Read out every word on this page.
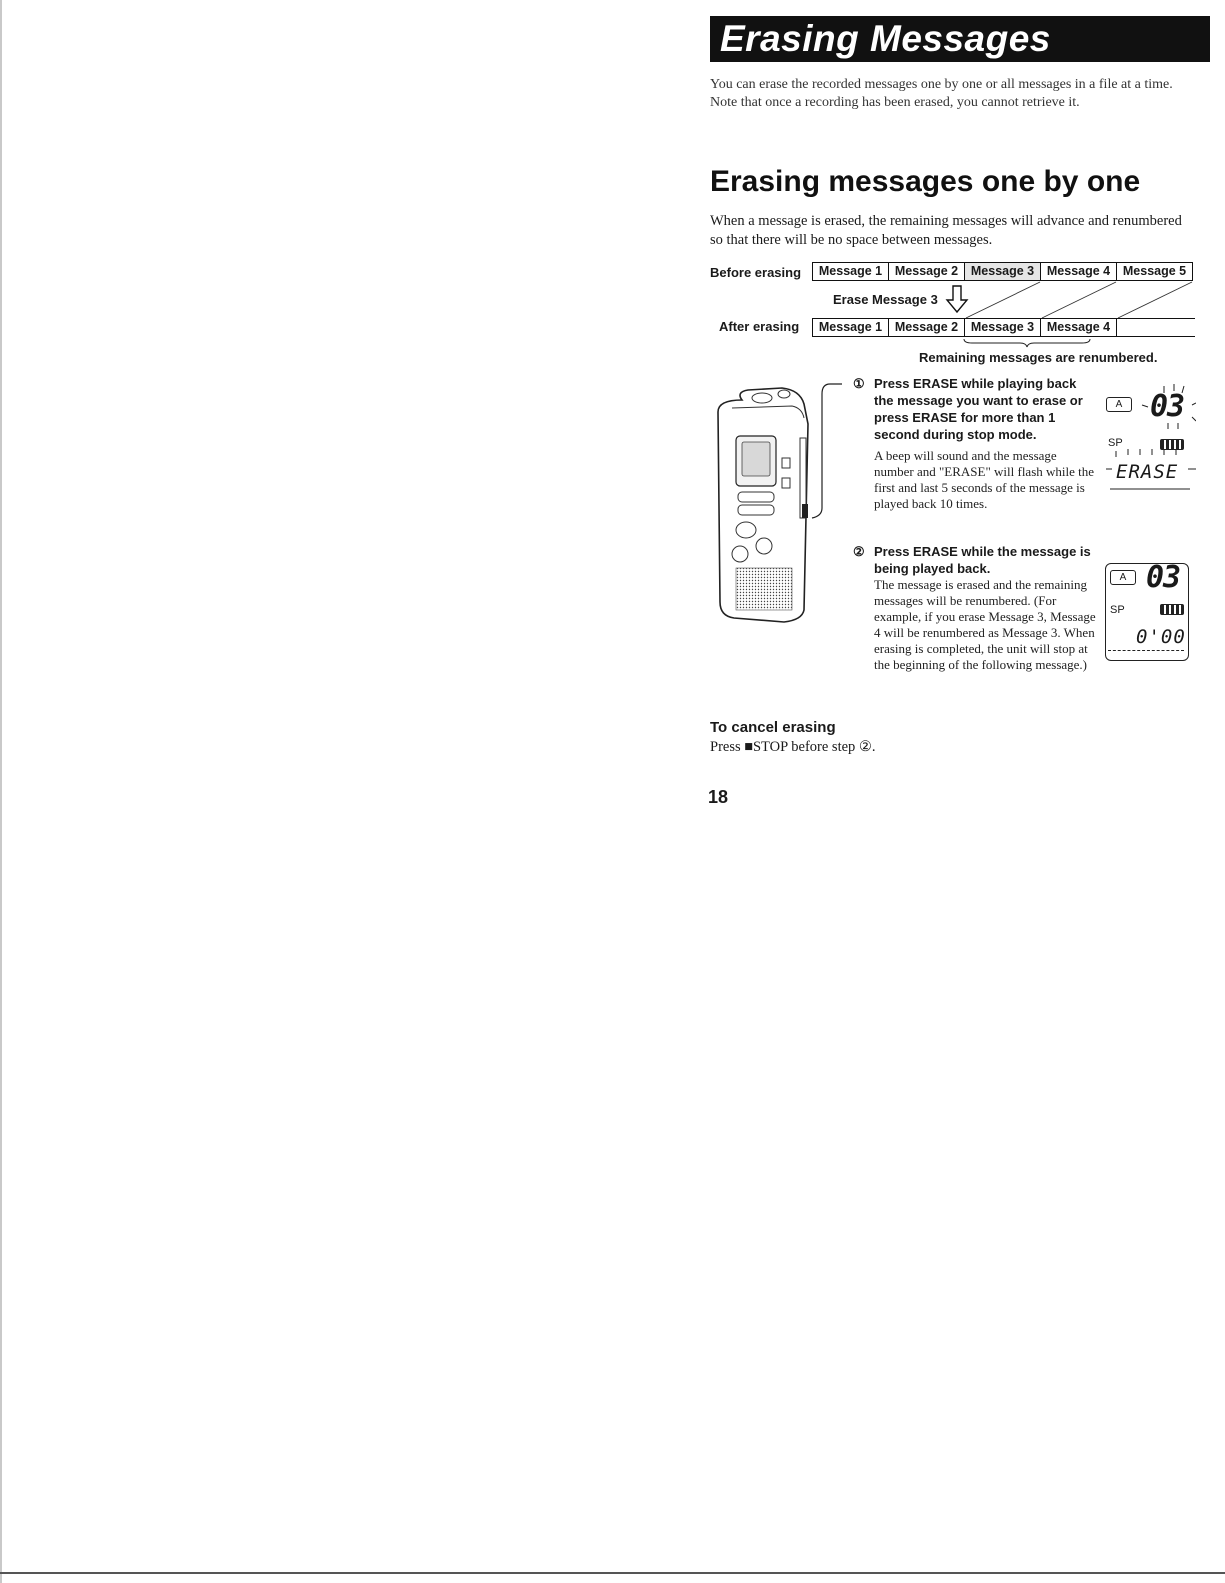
Erasing Messages

You can erase the recorded messages one by one or all messages in a file at a time.

Note that once a recording has been erased, you cannot retrieve it.

Erasing messages one by one
When a message is erased, the remaining messages will advance and renumbered so that there will be no space between messages.
Before erasing	Message 1	Message 2	Message 3	Message 4	Message 5
Erase Message 3
After erasing	Message 1	Message 2	Message 3	Message 4
Remaining messages are renumbered.
① Press ERASE while playing back the message you want to erase or press ERASE for more than 1 second during stop mode.
A beep will sound and the message number and "ERASE" will flash while the first and last 5 seconds of the message is played back 10 times.
A 03
SP
ERASE
② Press ERASE while the message is being played back.
The message is erased and the remaining messages will be renumbered. (For example, if you erase Message 3, Message 4 will be renumbered as Message 3. When erasing is completed, the unit will stop at the beginning of the following message.)
A 03
SP
0'00
To cancel erasing
Press ■STOP before step ②.
18
